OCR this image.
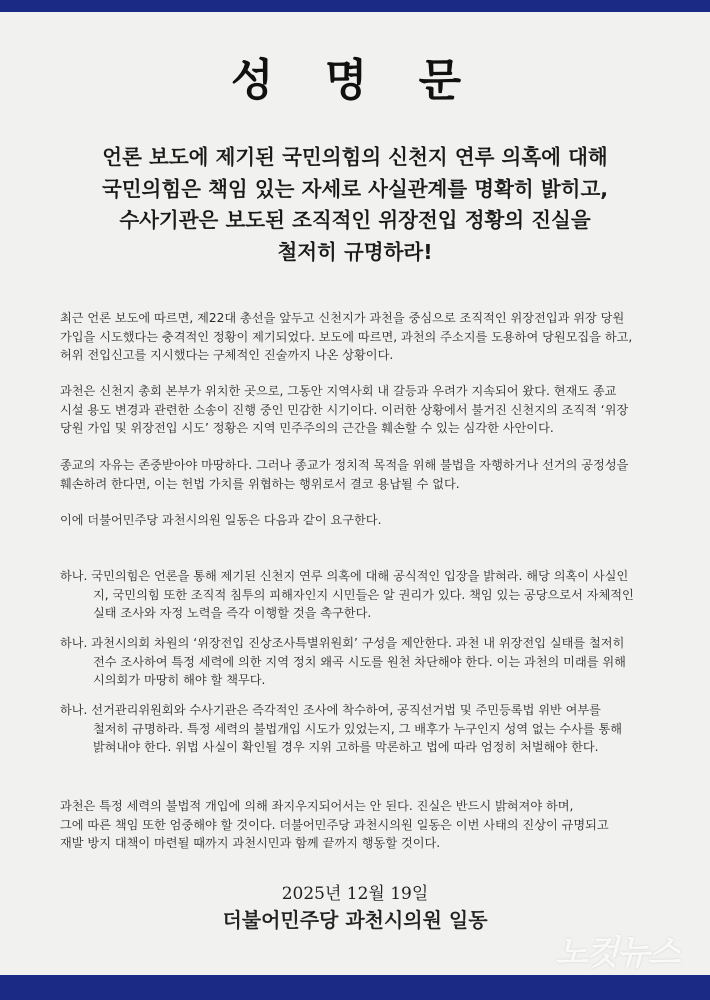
성 명 문
언론 보도에 제기된 국민의힘의 신천지 연루 의혹에 대해
국민의힘은 책임 있는 자세로 사실관계를 명확히 밝히고,
수사기관은 보도된 조직적인 위장전입 정황의 진실을
철저히 규명하라!
최근 언론 보도에 따르면, 제22대 총선을 앞두고 신천지가 과천을 중심으로 조직적인 위장전입과 위장 당원
가입을 시도했다는 충격적인 정황이 제기되었다. 보도에 따르면, 과천의 주소지를 도용하여 당원모집을 하고,
허위 전입신고를 지시했다는 구체적인 진술까지 나온 상황이다.
과천은 신천지 총회 본부가 위치한 곳으로, 그동안 지역사회 내 갈등과 우려가 지속되어 왔다. 현재도 종교
시설 용도 변경과 관련한 소송이 진행 중인 민감한 시기이다. 이러한 상황에서 불거진 신천지의 조직적 ‘위장
당원 가입 및 위장전입 시도’ 정황은 지역 민주주의의 근간을 훼손할 수 있는 심각한 사안이다.
종교의 자유는 존중받아야 마땅하다. 그러나 종교가 정치적 목적을 위해 불법을 자행하거나 선거의 공정성을
훼손하려 한다면, 이는 헌법 가치를 위협하는 행위로서 결코 용납될 수 없다.
이에 더불어민주당 과천시의원 일동은 다음과 같이 요구한다.
하나. 국민의힘은 언론을 통해 제기된 신천지 연루 의혹에 대해 공식적인 입장을 밝혀라. 해당 의혹이 사실인
지, 국민의힘 또한 조직적 침투의 피해자인지 시민들은 알 권리가 있다. 책임 있는 공당으로서 자체적인
실태 조사와 자정 노력을 즉각 이행할 것을 촉구한다.
하나. 과천시의회 차원의 ‘위장전입 진상조사특별위원회’ 구성을 제안한다. 과천 내 위장전입 실태를 철저히
전수 조사하여 특정 세력에 의한 지역 정치 왜곡 시도를 원천 차단해야 한다. 이는 과천의 미래를 위해
시의회가 마땅히 해야 할 책무다.
하나. 선거관리위원회와 수사기관은 즉각적인 조사에 착수하여, 공직선거법 및 주민등록법 위반 여부를
철저히 규명하라. 특정 세력의 불법개입 시도가 있었는지, 그 배후가 누구인지 성역 없는 수사를 통해
밝혀내야 한다. 위법 사실이 확인될 경우 지위 고하를 막론하고 법에 따라 엄정히 처벌해야 한다.
과천은 특정 세력의 불법적 개입에 의해 좌지우지되어서는 안 된다. 진실은 반드시 밝혀져야 하며,
그에 따른 책임 또한 엄중해야 할 것이다. 더불어민주당 과천시의원 일동은 이번 사태의 진상이 규명되고
재발 방지 대책이 마련될 때까지 과천시민과 함께 끝까지 행동할 것이다.
2025년 12월 19일
더불어민주당 과천시의원 일동
노컷뉴스
